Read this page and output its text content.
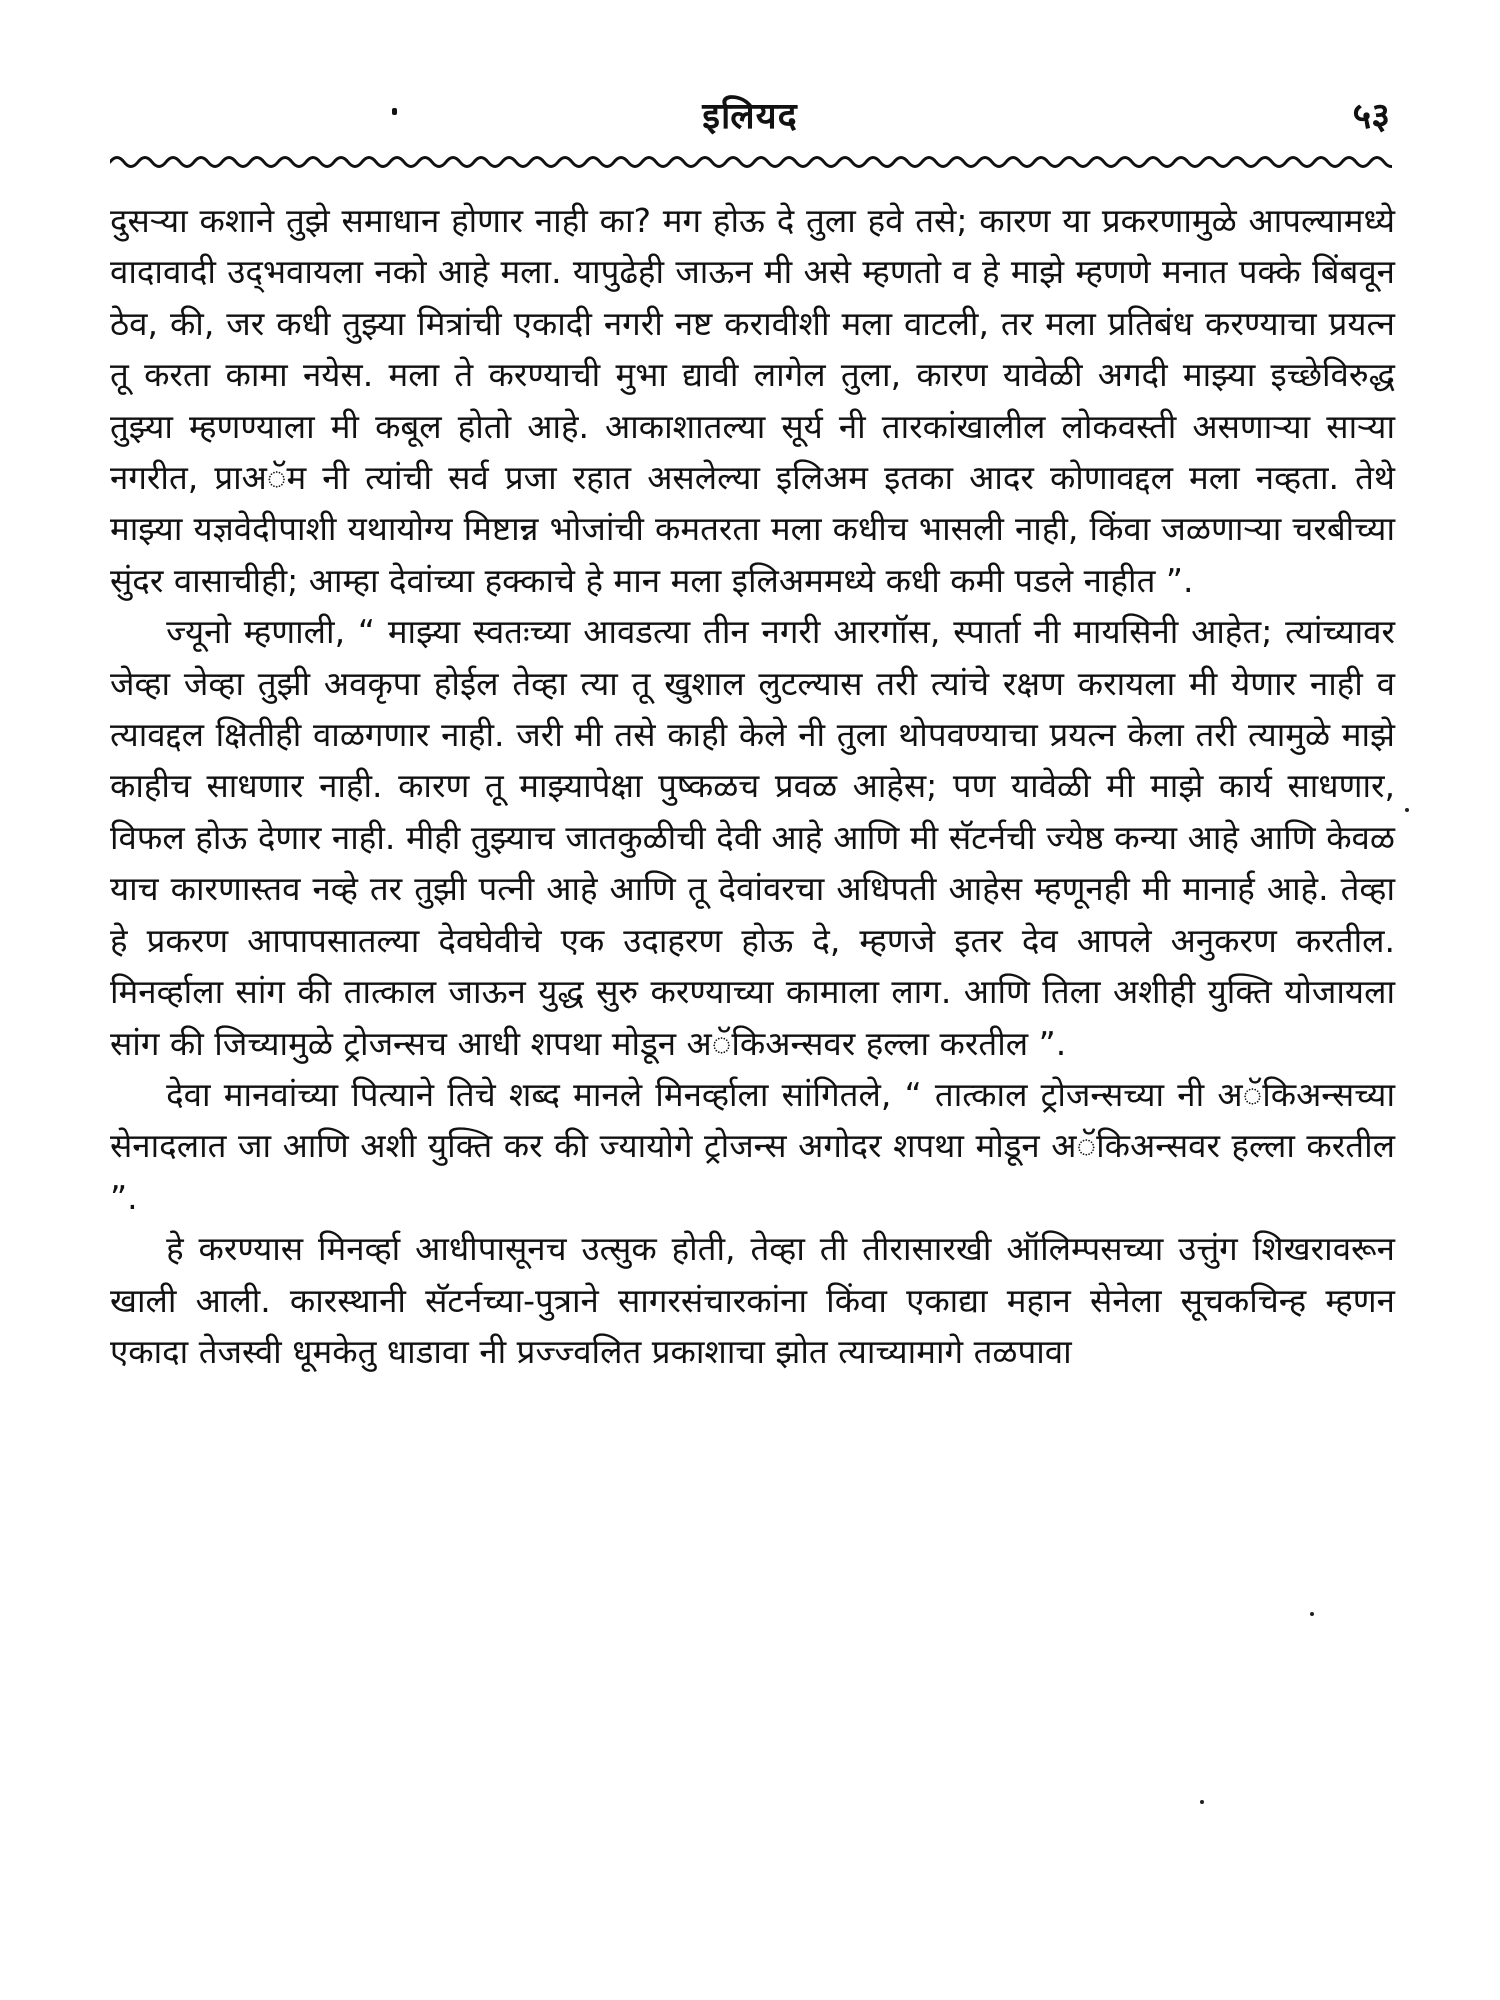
इलियद	५३

दुसऱ्या कशाने तुझे समाधान होणार नाही का? मग होऊ दे तुला हवे तसे; कारण या प्रकरणामुळे आपल्यामध्ये वादावादी उद्‌भवायला नको आहे मला. यापुढेही जाऊन मी असे म्हणतो व हे माझे म्हणणे मनात पक्के बिंबवून ठेव, की, जर कधी तुझ्या मित्रांची एकादी नगरी नष्ट करावीशी मला वाटली, तर मला प्रतिबंध करण्याचा प्रयत्न तू करता कामा नयेस. मला ते करण्याची मुभा द्यावी लागेल तुला, कारण यावेळी अगदी माझ्या इच्छेविरुद्ध तुझ्या म्हणण्याला मी कबूल होतो आहे. आकाशातल्या सूर्य नी तारकांखालील लोकवस्ती असणाऱ्या साऱ्या नगरीत, प्राअॅम नी त्यांची सर्व प्रजा रहात असलेल्या इलिअम इतका आदर कोणावद्दल मला नव्हता. तेथे माझ्या यज्ञवेदीपाशी यथायोग्य मिष्टान्न भोजांची कमतरता मला कधीच भासली नाही, किंवा जळणाऱ्या चरबीच्या सुंदर वासाचीही; आम्हा देवांच्या हक्काचे हे मान मला इलिअममध्ये कधी कमी पडले नाहीत ”.

ज्यूनो म्हणाली, “ माझ्या स्वतःच्या आवडत्या तीन नगरी आरगॉस, स्पार्ता नी मायसिनी आहेत; त्यांच्यावर जेव्हा जेव्हा तुझी अवकृपा होईल तेव्हा त्या तू खुशाल लुटल्यास तरी त्यांचे रक्षण करायला मी येणार नाही व त्यावद्दल क्षितीही वाळगणार नाही. जरी मी तसे काही केले नी तुला थोपवण्याचा प्रयत्न केला तरी त्यामुळे माझे काहीच साधणार नाही. कारण तू माझ्यापेक्षा पुष्कळच प्रवळ आहेस; पण यावेळी मी माझे कार्य साधणार, विफल होऊ देणार नाही. मीही तुझ्याच जातकुळीची देवी आहे आणि मी सॅटर्नची ज्येष्ठ कन्या आहे आणि केवळ याच कारणास्तव नव्हे तर तुझी पत्नी आहे आणि तू देवांवरचा अधिपती आहेस म्हणूनही मी मानार्ह आहे. तेव्हा हे प्रकरण आपापसातल्या देवघेवीचे एक उदाहरण होऊ दे, म्हणजे इतर देव आपले अनुकरण करतील. मिनर्व्हाला सांग की तात्काल जाऊन युद्ध सुरु करण्याच्या कामाला लाग. आणि तिला अशीही युक्ति योजायला सांग की जिच्यामुळे ट्रोजन्सच आधी शपथा मोडून अॅकिअन्सवर हल्ला करतील ”.

देवा मानवांच्या पित्याने तिचे शब्द मानले मिनर्व्हाला सांगितले, “ तात्काल ट्रोजन्सच्या नी अॅकिअन्सच्या सेनादलात जा आणि अशी युक्ति कर की ज्यायोगे ट्रोजन्स अगोदर शपथा मोडून अॅकिअन्सवर हल्ला करतील ”.

हे करण्यास मिनर्व्हा आधीपासूनच उत्सुक होती, तेव्हा ती तीरासारखी ऑलिम्पसच्या उत्तुंग शिखरावरून खाली आली. कारस्थानी सॅटर्नच्या-पुत्राने सागरसंचारकांना किंवा एकाद्या महान सेनेला सूचकचिन्ह म्हणन एकादा तेजस्वी धूमकेतु धाडावा नी प्रज्ज्वलित प्रकाशाचा झोत त्याच्यामागे तळपावा
